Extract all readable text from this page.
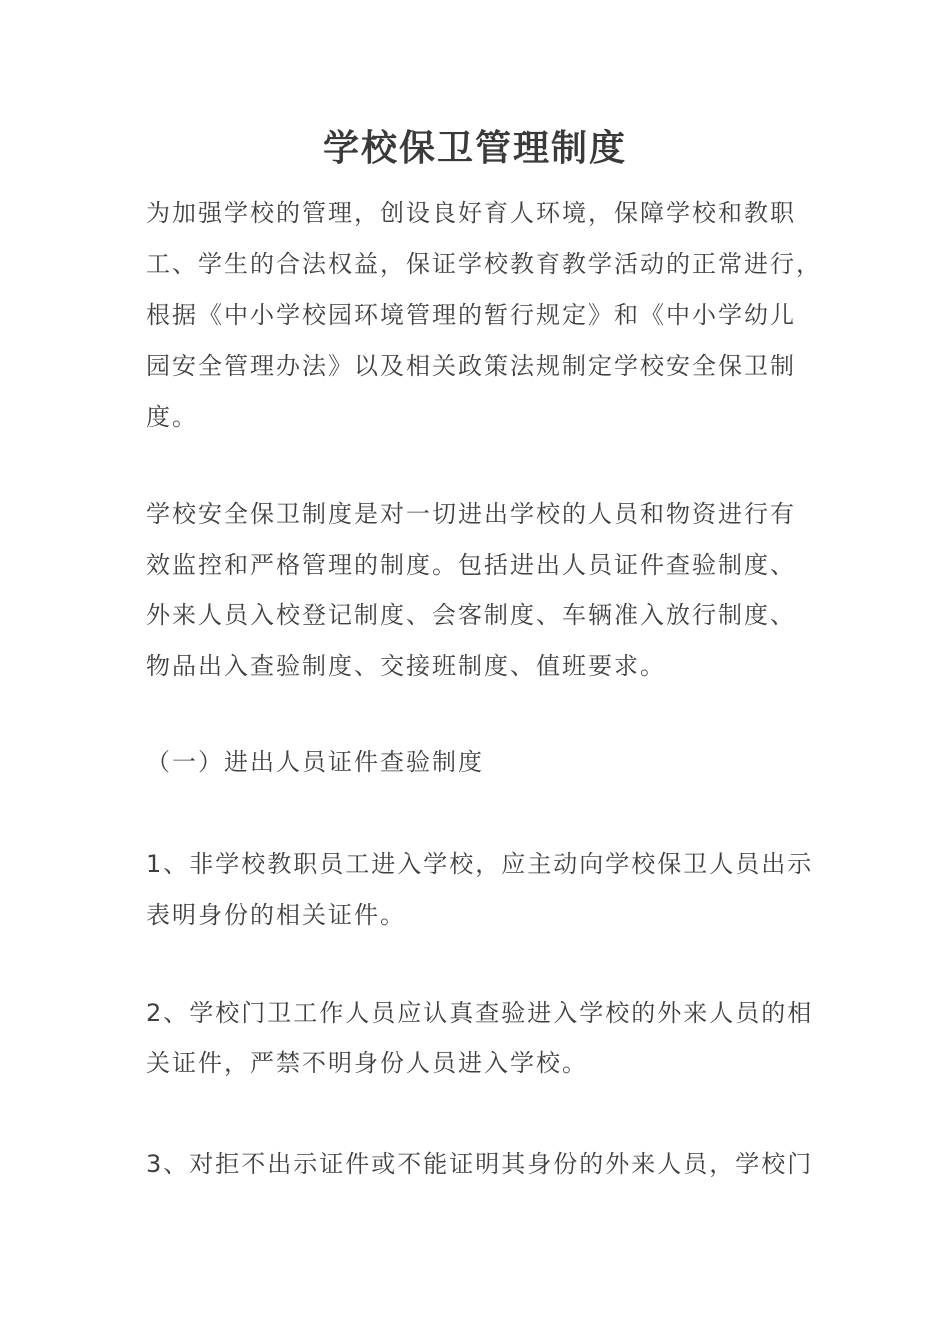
学校保卫管理制度

为加强学校的管理，创设良好育人环境，保障学校和教职

工、学生的合法权益，保证学校教育教学活动的正常进行，

根据《中小学校园环境管理的暂行规定》和《中小学幼儿

园安全管理办法》以及相关政策法规制定学校安全保卫制

度。

学校安全保卫制度是对一切进出学校的人员和物资进行有

效监控和严格管理的制度。包括进出人员证件查验制度、

外来人员入校登记制度、会客制度、车辆准入放行制度、

物品出入查验制度、交接班制度、值班要求。

（一）进出人员证件查验制度

1、非学校教职员工进入学校，应主动向学校保卫人员出示

表明身份的相关证件。

2、学校门卫工作人员应认真查验进入学校的外来人员的相

关证件，严禁不明身份人员进入学校。

3、对拒不出示证件或不能证明其身份的外来人员，学校门
